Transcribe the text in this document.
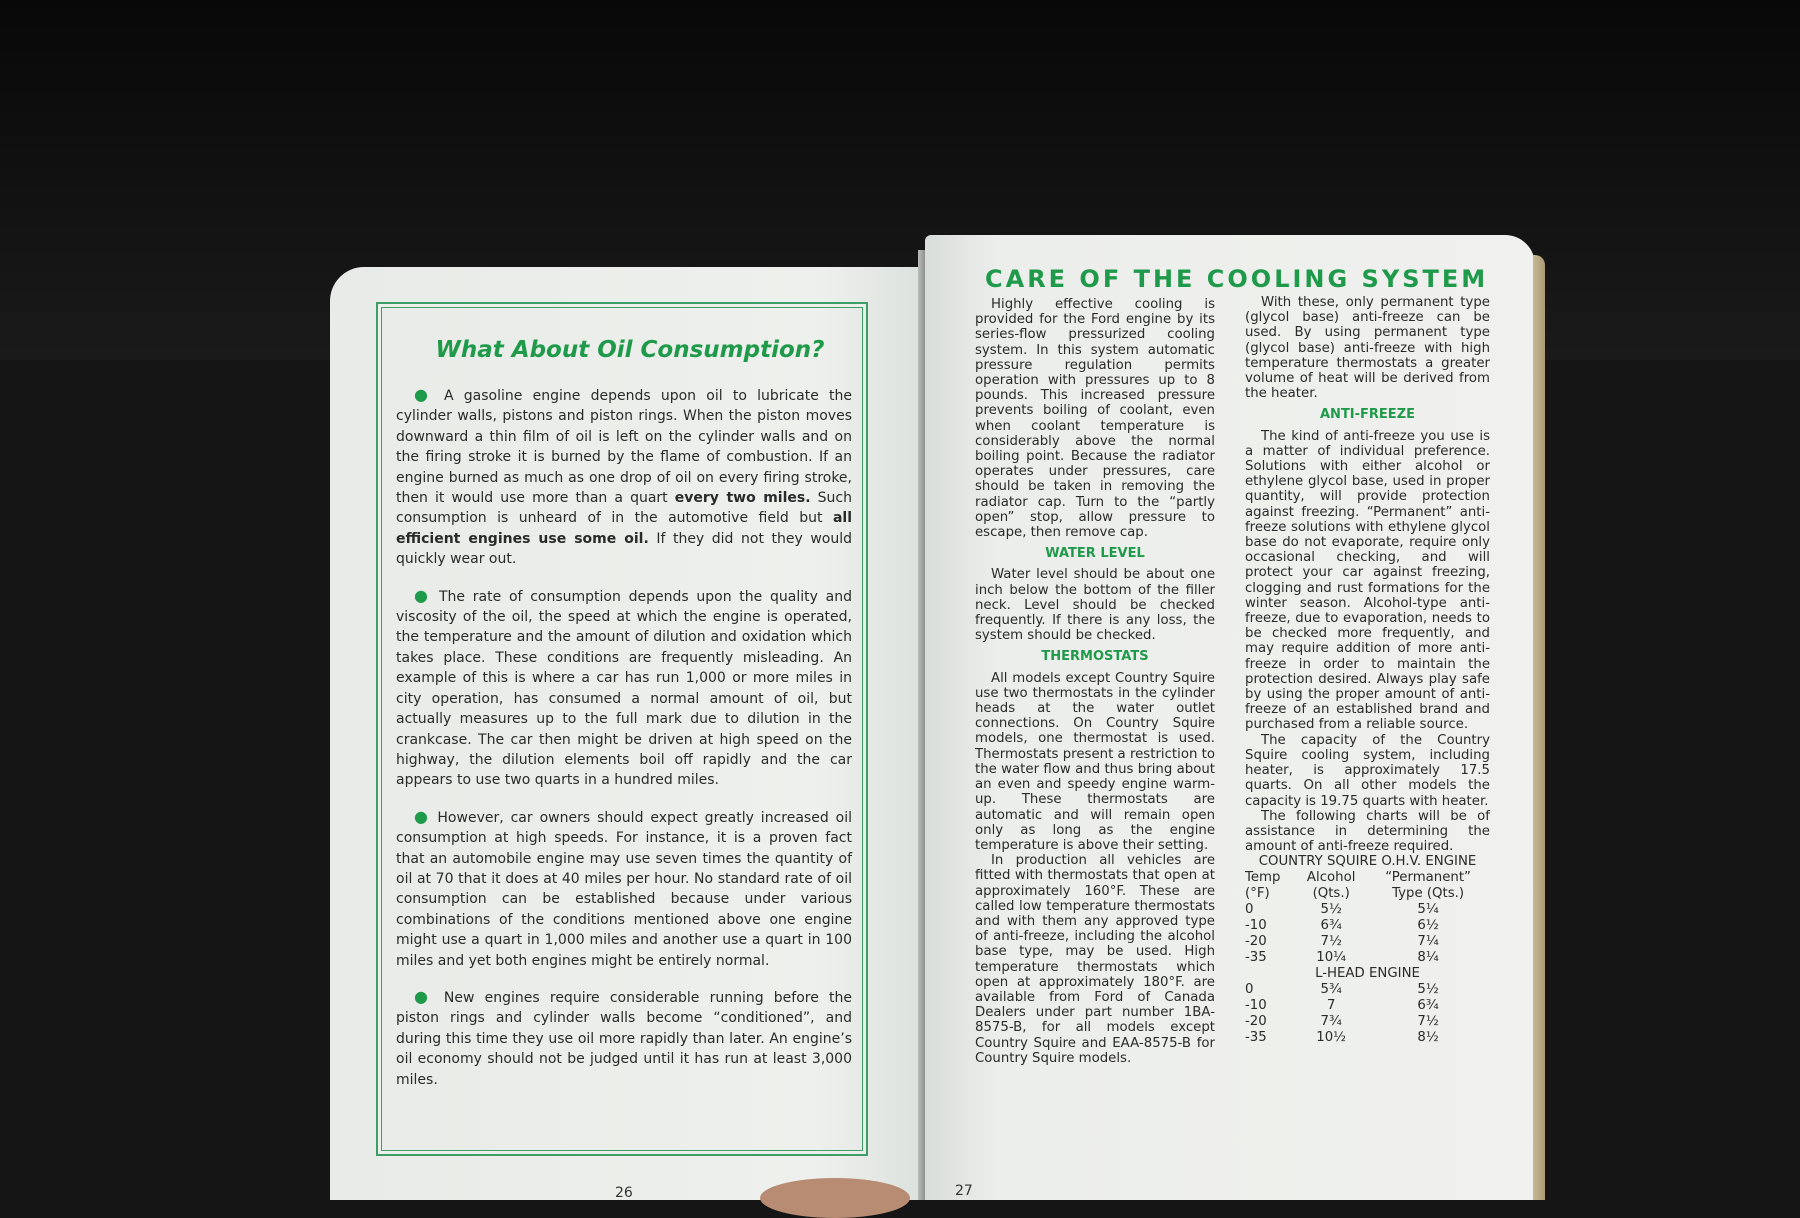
What About Oil Consumption?

● A gasoline engine depends upon oil to lubricate the cylinder walls, pistons and piston rings. When the piston moves downward a thin film of oil is left on the cylinder walls and on the firing stroke it is burned by the flame of combustion. If an engine burned as much as one drop of oil on every firing stroke, then it would use more than a quart every two miles. Such consumption is unheard of in the automotive field but all efficient engines use some oil. If they did not they would quickly wear out.

● The rate of consumption depends upon the quality and viscosity of the oil, the speed at which the engine is operated, the temperature and the amount of dilution and oxidation which takes place. These conditions are frequently misleading. An example of this is where a car has run 1,000 or more miles in city operation, has consumed a normal amount of oil, but actually measures up to the full mark due to dilution in the crankcase. The car then might be driven at high speed on the highway, the dilution elements boil off rapidly and the car appears to use two quarts in a hundred miles.

● However, car owners should expect greatly increased oil consumption at high speeds. For instance, it is a proven fact that an automobile engine may use seven times the quantity of oil at 70 that it does at 40 miles per hour. No standard rate of oil consumption can be established because under various combinations of the conditions mentioned above one engine might use a quart in 1,000 miles and another use a quart in 100 miles and yet both engines might be entirely normal.

● New engines require considerable running before the piston rings and cylinder walls become “conditioned”, and during this time they use oil more rapidly than later. An engine’s oil economy should not be judged until it has run at least 3,000 miles.

26
CARE OF THE COOLING SYSTEM

Highly effective cooling is provided for the Ford engine by its series-flow pressurized cooling system. In this system automatic pressure regulation permits operation with pressures up to 8 pounds. This increased pressure prevents boiling of coolant, even when coolant temperature is considerably above the normal boiling point. Because the radiator operates under pressures, care should be taken in removing the radiator cap. Turn to the “partly open” stop, allow pressure to escape, then remove cap.

WATER LEVEL

Water level should be about one inch below the bottom of the filler neck. Level should be checked frequently. If there is any loss, the system should be checked.

THERMOSTATS

All models except Country Squire use two thermostats in the cylinder heads at the water outlet connections. On Country Squire models, one thermostat is used. Thermostats present a restriction to the water flow and thus bring about an even and speedy engine warm-up. These thermostats are automatic and will remain open only as long as the engine temperature is above their setting.

In production all vehicles are fitted with thermostats that open at approximately 160°F. These are called low temperature thermostats and with them any approved type of anti-freeze, including the alcohol base type, may be used. High temperature thermostats which open at approximately 180°F. are available from Ford of Canada Dealers under part number 1BA-8575-B, for all models except Country Squire and EAA-8575-B for Country Squire models.

With these, only permanent type (glycol base) anti-freeze can be used. By using permanent type (glycol base) anti-freeze with high temperature thermostats a greater volume of heat will be derived from the heater.

ANTI-FREEZE

The kind of anti-freeze you use is a matter of individual preference. Solutions with either alcohol or ethylene glycol base, used in proper quantity, will provide protection against freezing. “Permanent” anti-freeze solutions with ethylene glycol base do not evaporate, require only occasional checking, and will protect your car against freezing, clogging and rust formations for the winter season. Alcohol-type anti-freeze, due to evaporation, needs to be checked more frequently, and may require addition of more anti-freeze in order to maintain the protection desired. Always play safe by using the proper amount of anti-freeze of an established brand and purchased from a reliable source.

The capacity of the Country Squire cooling system, including heater, is approximately 17.5 quarts. On all other models the capacity is 19.75 quarts with heater.

The following charts will be of assistance in determining the amount of anti-freeze required.

COUNTRY SQUIRE O.H.V. ENGINE		
Temp	Alcohol	“Permanent”
(°F)	(Qts.)	Type (Qts.)
0	5½	5¼
-10	6¾	6½
-20	7½	7¼
-35	10¼	8¼
L-HEAD ENGINE		
0	5¾	5½
-10	7	6¾
-20	7¾	7½
-35	10½	8½
27
